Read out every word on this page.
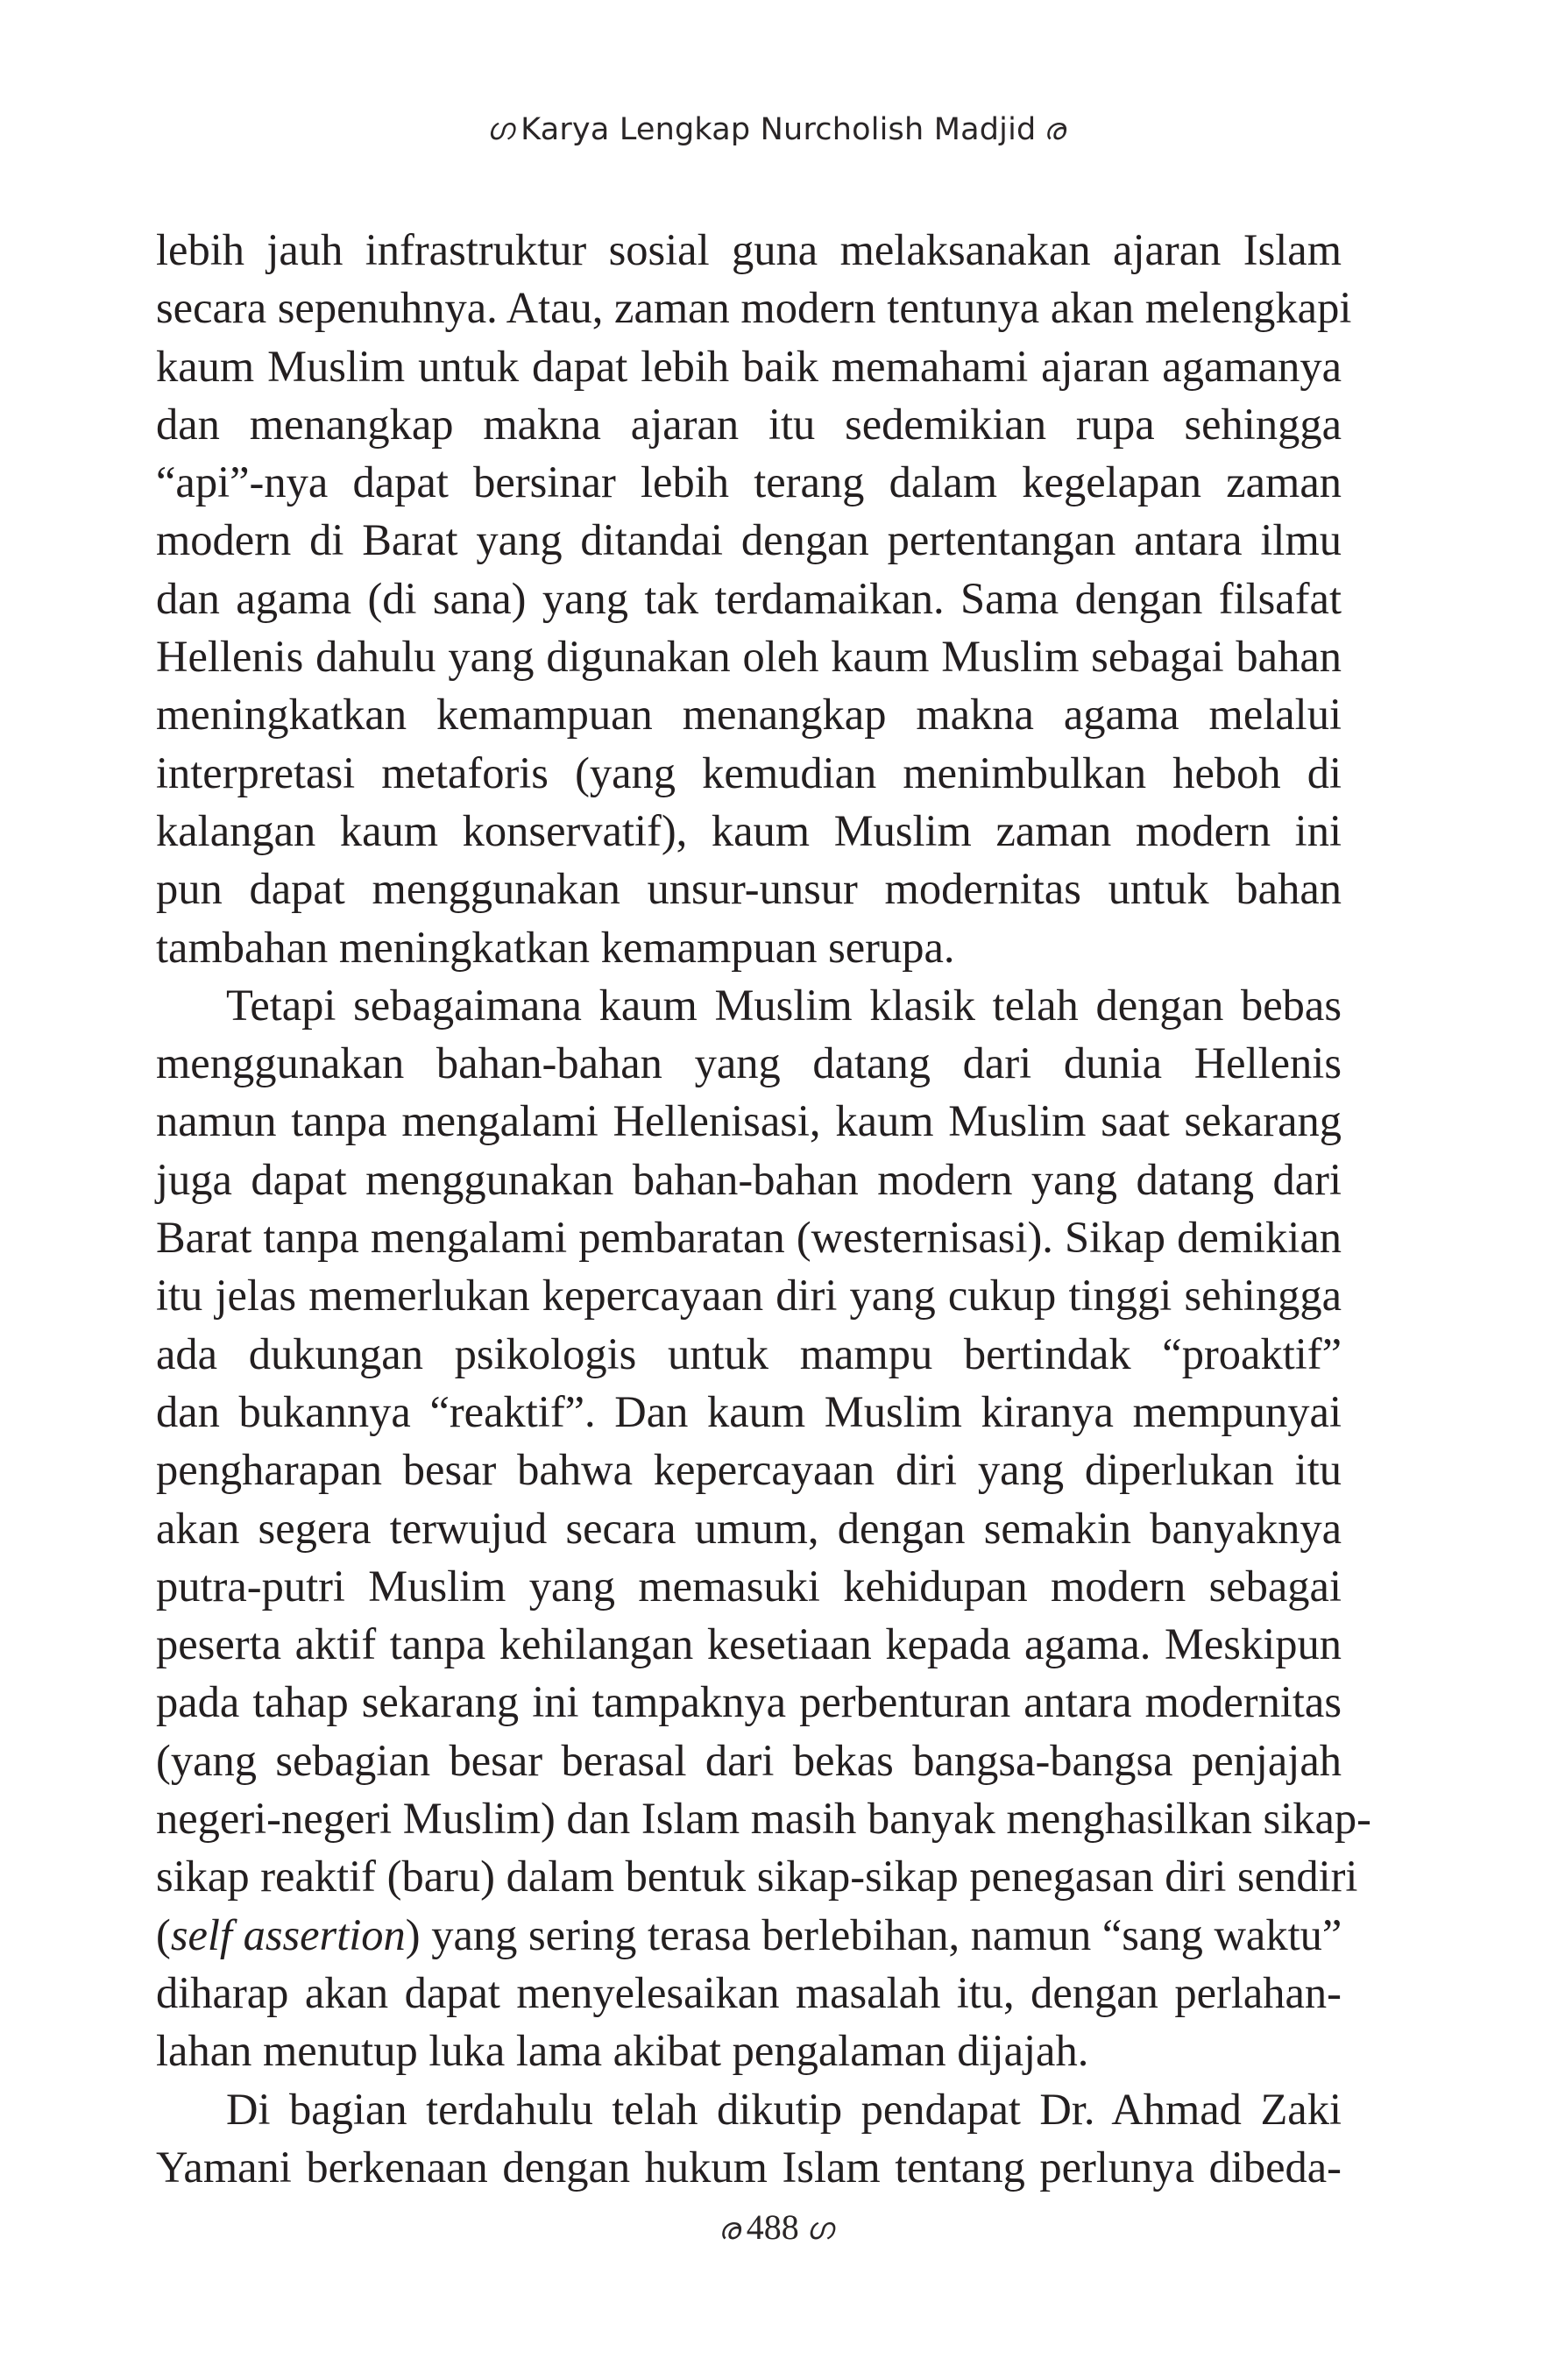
ഗ Karya Lengkap Nurcholish Madjid ര
lebih jauh infrastruktur sosial guna melaksanakan ajaran Islam
secara sepenuhnya. Atau, zaman modern tentunya akan melengkapi
kaum Muslim untuk dapat lebih baik memahami ajaran agamanya
dan menangkap makna ajaran itu sedemikian rupa sehingga
“api”-nya dapat bersinar lebih terang dalam kegelapan zaman
modern di Barat yang ditandai dengan pertentangan antara ilmu
dan agama (di sana) yang tak terdamaikan. Sama dengan filsafat
Hellenis dahulu yang digunakan oleh kaum Muslim sebagai bahan
meningkatkan kemampuan menangkap makna agama melalui
interpretasi metaforis (yang kemudian menimbulkan heboh di
kalangan kaum konservatif), kaum Muslim zaman modern ini
pun dapat menggunakan unsur-unsur modernitas untuk bahan
tambahan meningkatkan kemampuan serupa.
Tetapi sebagaimana kaum Muslim klasik telah dengan bebas
menggunakan bahan-bahan yang datang dari dunia Hellenis
namun tanpa mengalami Hellenisasi, kaum Muslim saat sekarang
juga dapat menggunakan bahan-bahan modern yang datang dari
Barat tanpa mengalami pembaratan (westernisasi). Sikap demikian
itu jelas memerlukan kepercayaan diri yang cukup tinggi sehingga
ada dukungan psikologis untuk mampu bertindak “proaktif”
dan bukannya “reaktif”. Dan kaum Muslim kiranya mempunyai
pengharapan besar bahwa kepercayaan diri yang diperlukan itu
akan segera terwujud secara umum, dengan semakin banyaknya
putra-putri Muslim yang memasuki kehidupan modern sebagai
peserta aktif tanpa kehilangan kesetiaan kepada agama. Meskipun
pada tahap sekarang ini tampaknya perbenturan antara modernitas
(yang sebagian besar berasal dari bekas bangsa-bangsa penjajah
negeri-negeri Muslim) dan Islam masih banyak menghasilkan sikap-
sikap reaktif (baru) dalam bentuk sikap-sikap penegasan diri sendiri
(self assertion) yang sering terasa berlebihan, namun “sang waktu”
diharap akan dapat menyelesaikan masalah itu, dengan perlahan-
lahan menutup luka lama akibat pengalaman dijajah.
Di bagian terdahulu telah dikutip pendapat Dr. Ahmad Zaki
Yamani berkenaan dengan hukum Islam tentang perlunya dibeda-
ര 488 ഗ
